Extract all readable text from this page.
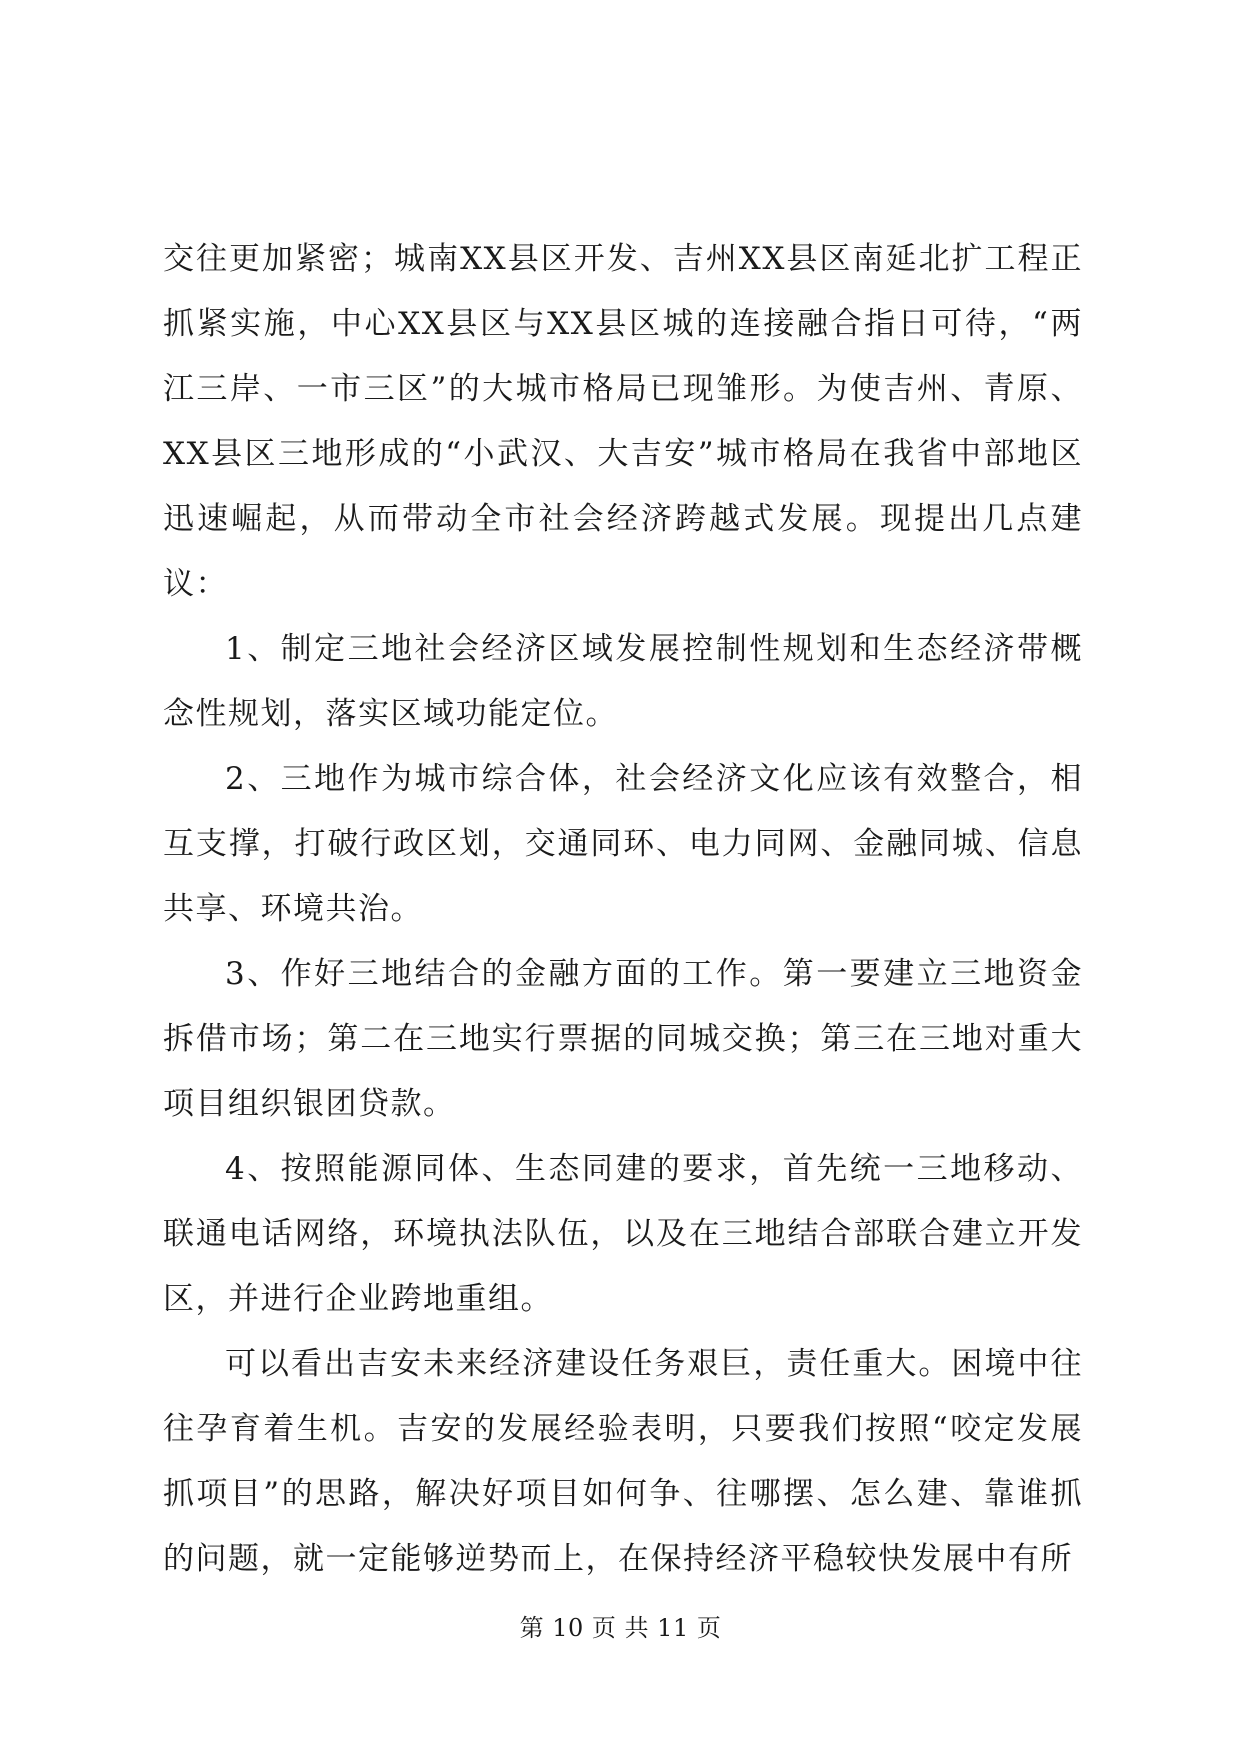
交往更加紧密；城南XX县区开发、吉州XX县区南延北扩工程正抓紧实施，中心XX县区与XX县区城的连接融合指日可待，“两江三岸、一市三区”的大城市格局已现雏形。为使吉州、青原、XX县区三地形成的“小武汉、大吉安”城市格局在我省中部地区迅速崛起，从而带动全市社会经济跨越式发展。现提出几点建议：

1、制定三地社会经济区域发展控制性规划和生态经济带概念性规划，落实区域功能定位。

2、三地作为城市综合体，社会经济文化应该有效整合，相互支撑，打破行政区划，交通同环、电力同网、金融同城、信息共享、环境共治。

3、作好三地结合的金融方面的工作。第一要建立三地资金拆借市场；第二在三地实行票据的同城交换；第三在三地对重大项目组织银团贷款。

4、按照能源同体、生态同建的要求，首先统一三地移动、联通电话网络，环境执法队伍，以及在三地结合部联合建立开发区，并进行企业跨地重组。

可以看出吉安未来经济建设任务艰巨，责任重大。困境中往往孕育着生机。吉安的发展经验表明，只要我们按照“咬定发展抓项目”的思路，解决好项目如何争、往哪摆、怎么建、靠谁抓的问题，就一定能够逆势而上，在保持经济平稳较快发展中有所

第 10 页 共 11 页
